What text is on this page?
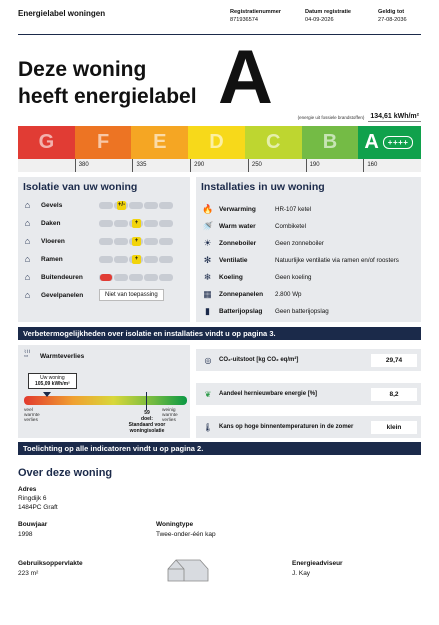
Energielabel woningen	Registratienummer
871936574
Datum registratie
04-09-2026
Geldig tot
27-08-2036
Deze woning
heeft energielabel A	(energie uit fossiele brandstoffen) 134,61 kWh/m²
G F E D C B A	++++
380	335	290	250	190	160
Isolatie van uw woning
⌂	Gevels	+/-
⌂	Daken	+
⌂	Vloeren	+
⌂	Ramen	+
⌂	Buitendeuren
⌂	Gevelpanelen	Niet van toepassing
Installaties in uw woning
🔥 Verwarming	HR-107 ketel
🚿 Warm water	Combiketel
☀ Zonneboiler	Geen zonneboiler
✻ Ventilatie	Natuurlijke ventilatie via ramen en/of roosters
❄ Koeling	Geen koeling
▦ Zonnepanelen	2.800 Wp
▮	Batterijopslag	Geen batterijopslag
Verbetermogelijkheden over isolatie en installaties vindt u op pagina 3.
⌇⌇⌇
▭	Warmteverlies
Uw woning
105,09 kWh/m²
veel
warmte
verlies
weinig
warmte
verlies
59
doel:
Standaard voor
woningisolatie
◎	CO₂-uitstoot [kg CO₂ eq/m²]	29,74
❦	Aandeel hernieuwbare energie [%]	8,2
🌡 Kans op hoge binnentemperaturen in de zomer	klein
Toelichting op alle indicatoren vindt u op pagina 2.
Over deze woning
Adres
Ringdijk 6
1484PC Graft
Bouwjaar
1998
Woningtype
Twee-onder-één kap
Gebruiksoppervlakte
223 m²
Energieadviseur
J. Kay
